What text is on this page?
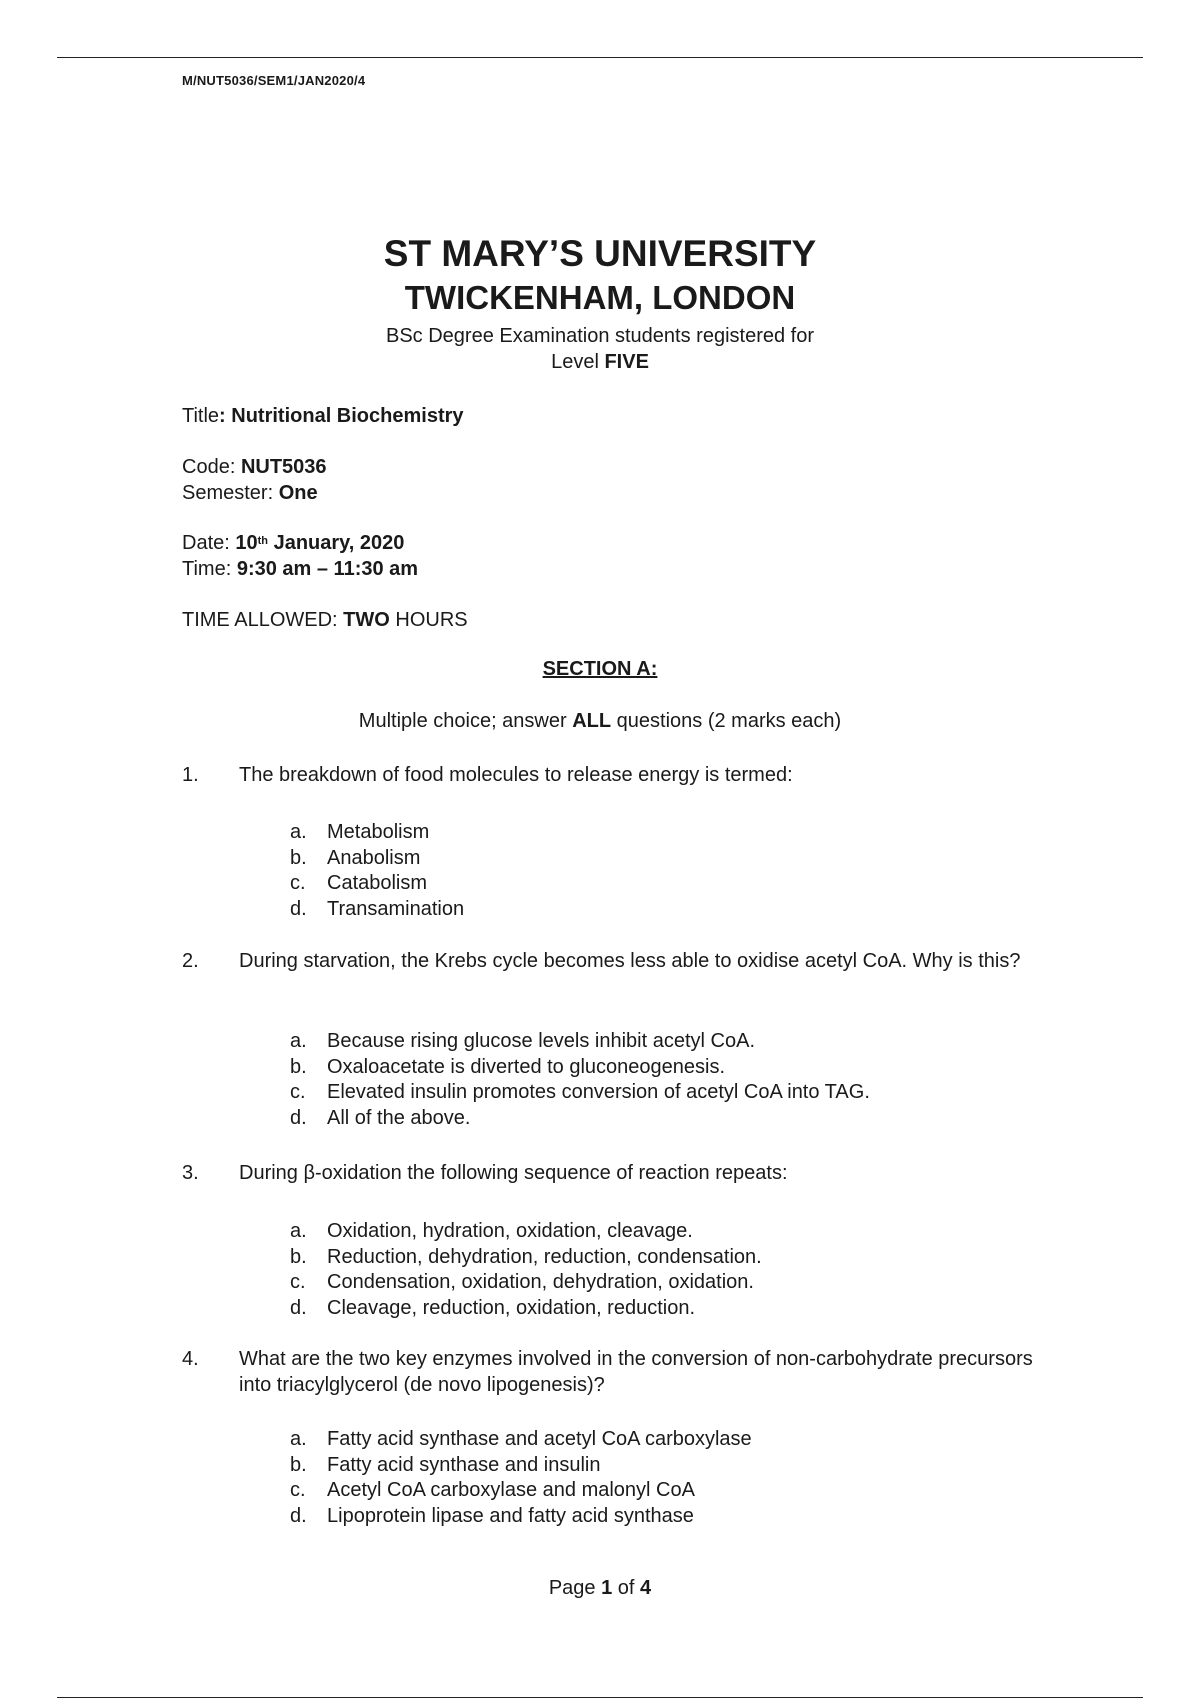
M/NUT5036/SEM1/JAN2020/4
ST MARY’S UNIVERSITY
TWICKENHAM, LONDON
BSc Degree Examination students registered for
Level FIVE
Title: Nutritional Biochemistry
Code: NUT5036
Semester: One
Date: 10th January, 2020
Time: 9:30 am – 11:30 am
TIME ALLOWED: TWO HOURS
SECTION A:
Multiple choice; answer ALL questions (2 marks each)
1. The breakdown of food molecules to release energy is termed:
a. Metabolism
b. Anabolism
c. Catabolism
d. Transamination
2. During starvation, the Krebs cycle becomes less able to oxidise acetyl CoA. Why is this?
a. Because rising glucose levels inhibit acetyl CoA.
b. Oxaloacetate is diverted to gluconeogenesis.
c. Elevated insulin promotes conversion of acetyl CoA into TAG.
d. All of the above.
3. During β-oxidation the following sequence of reaction repeats:
a. Oxidation, hydration, oxidation, cleavage.
b. Reduction, dehydration, reduction, condensation.
c. Condensation, oxidation, dehydration, oxidation.
d. Cleavage, reduction, oxidation, reduction.
4. What are the two key enzymes involved in the conversion of non-carbohydrate precursors into triacylglycerol (de novo lipogenesis)?
a. Fatty acid synthase and acetyl CoA carboxylase
b. Fatty acid synthase and insulin
c. Acetyl CoA carboxylase and malonyl CoA
d. Lipoprotein lipase and fatty acid synthase
Page 1 of 4
